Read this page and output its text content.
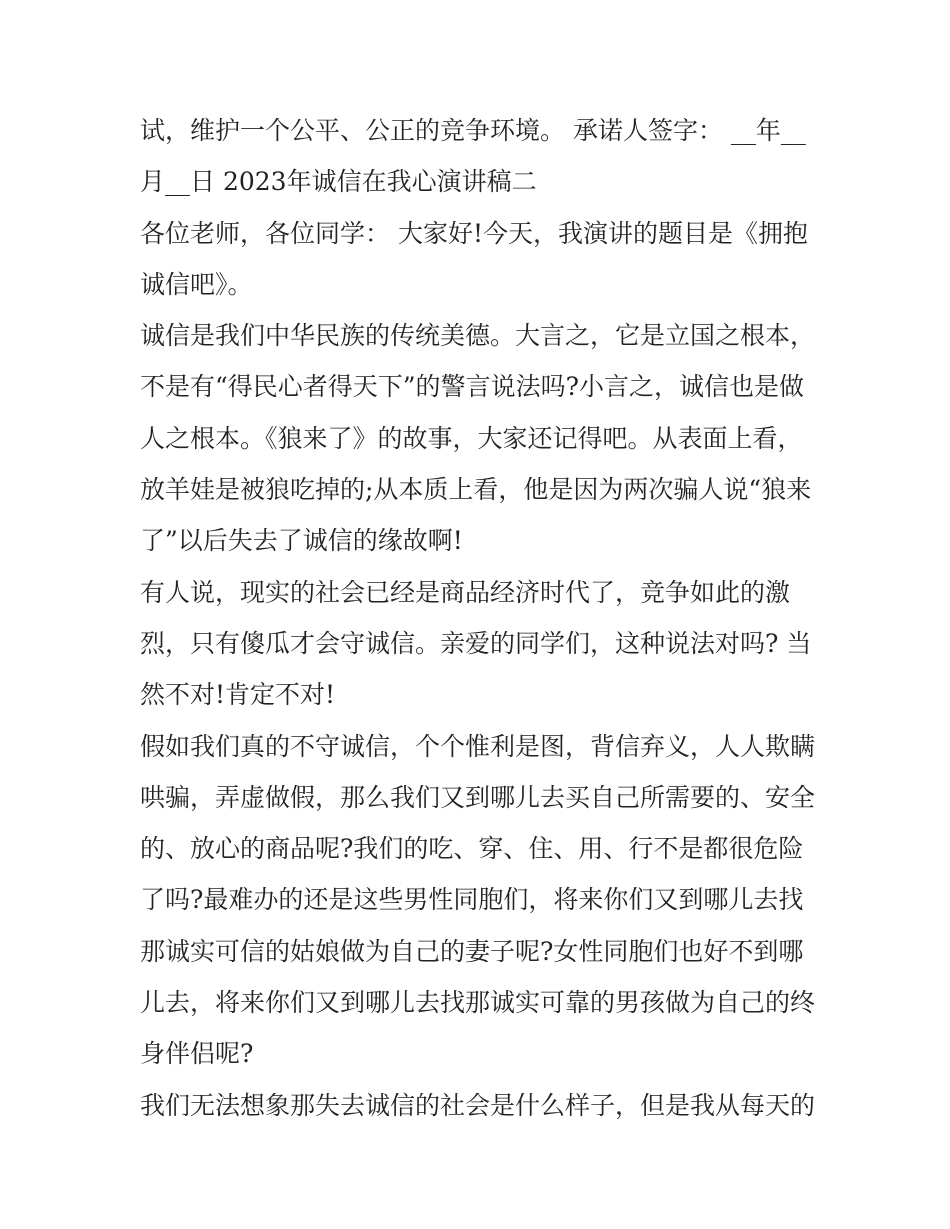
试，维护一个公平、公正的竞争环境。 承诺人签字： __年__
月__日 2023年诚信在我心演讲稿二
各位老师，各位同学： 大家好!今天，我演讲的题目是《拥抱
诚信吧》。
诚信是我们中华民族的传统美德。大言之，它是立国之根本，
不是有“得民心者得天下”的警言说法吗?小言之，诚信也是做
人之根本。《狼来了》的故事，大家还记得吧。从表面上看，
放羊娃是被狼吃掉的;从本质上看，他是因为两次骗人说“狼来
了”以后失去了诚信的缘故啊!
有人说，现实的社会已经是商品经济时代了，竞争如此的激
烈，只有傻瓜才会守诚信。亲爱的同学们，这种说法对吗? 当
然不对!肯定不对!
假如我们真的不守诚信，个个惟利是图，背信弃义，人人欺瞒
哄骗，弄虚做假，那么我们又到哪儿去买自己所需要的、安全
的、放心的商品呢?我们的吃、穿、住、用、行不是都很危险
了吗?最难办的还是这些男性同胞们，将来你们又到哪儿去找
那诚实可信的姑娘做为自己的妻子呢?女性同胞们也好不到哪
儿去，将来你们又到哪儿去找那诚实可靠的男孩做为自己的终
身伴侣呢?
我们无法想象那失去诚信的社会是什么样子，但是我从每天的
